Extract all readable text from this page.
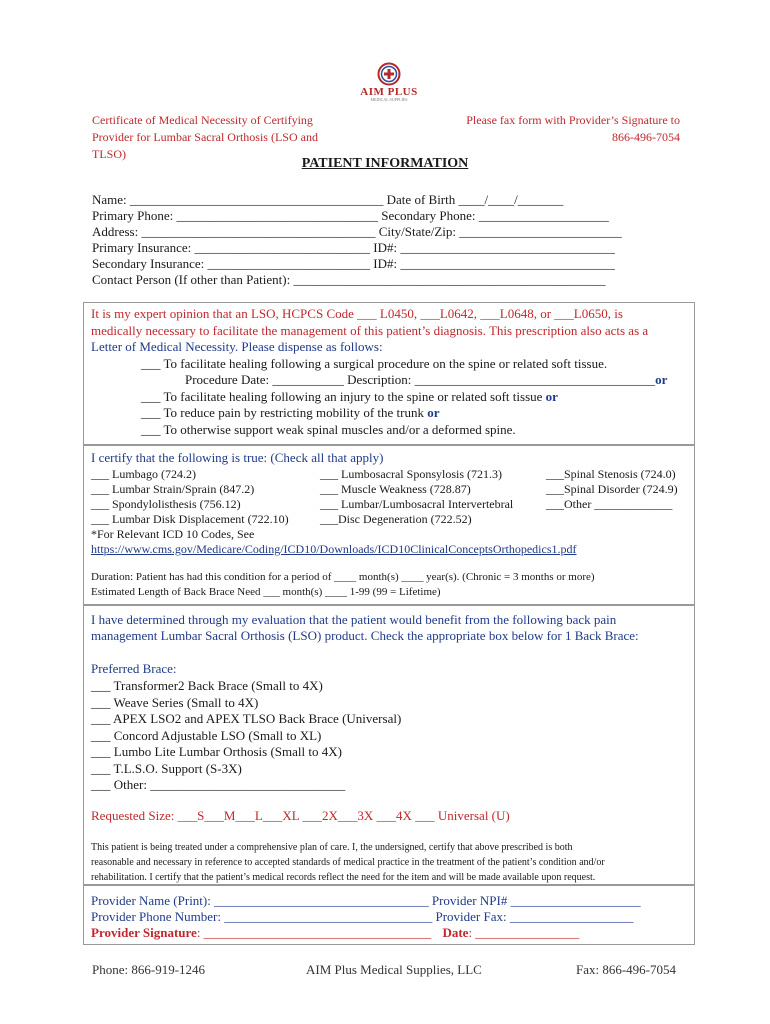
AIM PLUS
MEDICAL SUPPLIES
Certificate of Medical Necessity of Certifying
Provider for Lumbar Sacral Orthosis (LSO and
TLSO)
Please fax form with Provider’s Signature to
866-496-7054
PATIENT INFORMATION
Name: _______________________________________ Date of Birth ____/____/_______
Primary Phone: _______________________________ Secondary Phone: ____________________
Address: ____________________________________ City/State/Zip: _________________________
Primary Insurance: ___________________________ ID#: _________________________________
Secondary Insurance: _________________________ ID#: _________________________________
Contact Person (If other than Patient): ________________________________________________
It is my expert opinion that an LSO, HCPCS Code ___ L0450, ___L0642, ___L0648, or ___L0650, is
medically necessary to facilitate the management of this patient’s diagnosis. This prescription also acts as a
Letter of Medical Necessity. Please dispense as follows:
___ To facilitate healing following a surgical procedure on the spine or related soft tissue.
Procedure Date: ___________ Description: _____________________________________or
___ To facilitate healing following an injury to the spine or related soft tissue or
___ To reduce pain by restricting mobility of the trunk or
___ To otherwise support weak spinal muscles and/or a deformed spine.
I certify that the following is true: (Check all that apply)
___ Lumbago (724.2)
___ Lumbar Strain/Sprain (847.2)
___ Spondylolisthesis (756.12)
___ Lumbar Disk Displacement (722.10)
___ Lumbosacral Sponsylosis (721.3)
___ Muscle Weakness (728.87)
___ Lumbar/Lumbosacral Intervertebral
___Disc Degeneration (722.52)
___Spinal Stenosis (724.0)
___Spinal Disorder (724.9)
___Other _____________
*For Relevant ICD 10 Codes, See
https://www.cms.gov/Medicare/Coding/ICD10/Downloads/ICD10ClinicalConceptsOrthopedics1.pdf
Duration: Patient has had this condition for a period of ____ month(s) ____ year(s). (Chronic = 3 months or more)
Estimated Length of Back Brace Need ___ month(s) ____ 1-99 (99 = Lifetime)
I have determined through my evaluation that the patient would benefit from the following back pain
management Lumbar Sacral Orthosis (LSO) product. Check the appropriate box below for 1 Back Brace:
Preferred Brace:
___ Transformer2 Back Brace (Small to 4X)
___ Weave Series (Small to 4X)
___ APEX LSO2 and APEX TLSO Back Brace (Universal)
___ Concord Adjustable LSO (Small to XL)
___ Lumbo Lite Lumbar Orthosis (Small to 4X)
___ T.L.S.O. Support (S-3X)
___ Other: ______________________________
Requested Size: ___S___M___L___XL ___2X___3X ___4X ___ Universal (U)
This patient is being treated under a comprehensive plan of care. I, the undersigned, certify that above prescribed is both
reasonable and necessary in reference to accepted standards of medical practice in the treatment of the patient’s condition and/or
rehabilitation. I certify that the patient’s medical records reflect the need for the item and will be made available upon request.
Provider Name (Print): _________________________________ Provider NPI# ____________________
Provider Phone Number: ________________________________ Provider Fax: ___________________
Provider Signature: ___________________________________ Date: ________________
Phone: 866-919-1246	AIM Plus Medical Supplies, LLC	Fax: 866-496-7054
